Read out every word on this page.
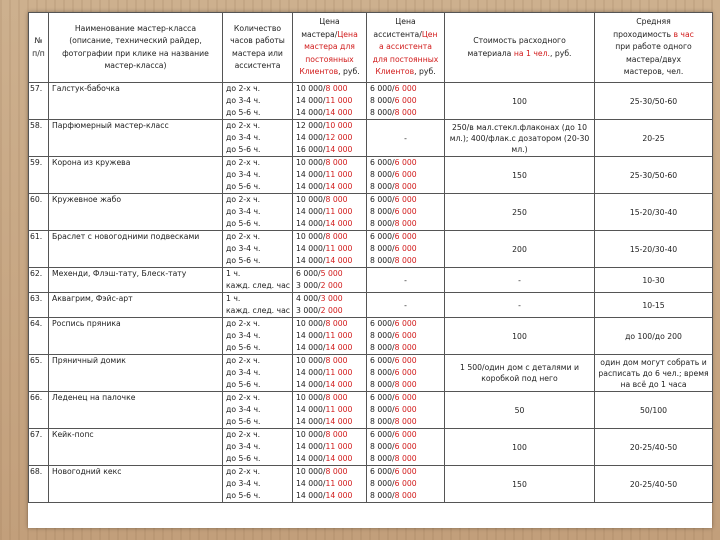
№
п/п	Наименование мастер-класса
(описание, технический райдер,
фотографии при клике на название
мастер-класса)	Количество
часов работы
мастера или
ассистента	Цена
мастера/Цена
мастера для
постоянных
Клиентов, руб.	Цена
ассистента/Цен
а ассистента
для постоянных
Клиентов, руб.	Стоимость расходного
материала на 1 чел., руб.	Средняя
проходимость в час
при работе одного
мастера/двух
мастеров, чел.
57.	Галстук-бабочка	до 2-х ч.
до 3-4 ч.
до 5-6 ч.	10 000/8 000
14 000/11 000
14 000/14 000	6 000/6 000
8 000/6 000
8 000/8 000	100	25-30/50-60
58.	Парфюмерный мастер-класс	до 2-х ч.
до 3-4 ч.
до 5-6 ч.	12 000/10 000
14 000/12 000
16 000/14 000	-	250/в мал.стекл.флаконах (до 10 мл.); 400/флак.с дозатором (20-30 мл.)	20-25
59.	Корона из кружева	до 2-х ч.
до 3-4 ч.
до 5-6 ч.	10 000/8 000
14 000/11 000
14 000/14 000	6 000/6 000
8 000/6 000
8 000/8 000	150	25-30/50-60
60.	Кружевное жабо	до 2-х ч.
до 3-4 ч.
до 5-6 ч.	10 000/8 000
14 000/11 000
14 000/14 000	6 000/6 000
8 000/6 000
8 000/8 000	250	15-20/30-40
61.	Браслет с новогодними подвесками	до 2-х ч.
до 3-4 ч.
до 5-6 ч.	10 000/8 000
14 000/11 000
14 000/14 000	6 000/6 000
8 000/6 000
8 000/8 000	200	15-20/30-40
62.	Мехенди, Флэш-тату, Блеск-тату	1 ч.
кажд. след. час	6 000/5 000
3 000/2 000	-	-	10-30
63.	Аквагрим, Фэйс-арт	1 ч.
кажд. след. час	4 000/3 000
3 000/2 000	-	-	10-15
64.	Роспись пряника	до 2-х ч.
до 3-4 ч.
до 5-6 ч.	10 000/8 000
14 000/11 000
14 000/14 000	6 000/6 000
8 000/6 000
8 000/8 000	100	до 100/до 200
65.	Пряничный домик	до 2-х ч.
до 3-4 ч.
до 5-6 ч.	10 000/8 000
14 000/11 000
14 000/14 000	6 000/6 000
8 000/6 000
8 000/8 000	1 500/один дом с деталями и коробкой под него	один дом могут собрать и расписать до 6 чел.; время на всё до 1 часа
66.	Леденец на палочке	до 2-х ч.
до 3-4 ч.
до 5-6 ч.	10 000/8 000
14 000/11 000
14 000/14 000	6 000/6 000
8 000/6 000
8 000/8 000	50	50/100
67.	Кейк-попс	до 2-х ч.
до 3-4 ч.
до 5-6 ч.	10 000/8 000
14 000/11 000
14 000/14 000	6 000/6 000
8 000/6 000
8 000/8 000	100	20-25/40-50
68.	Новогодний кекс	до 2-х ч.
до 3-4 ч.
до 5-6 ч.	10 000/8 000
14 000/11 000
14 000/14 000	6 000/6 000
8 000/6 000
8 000/8 000	150	20-25/40-50
